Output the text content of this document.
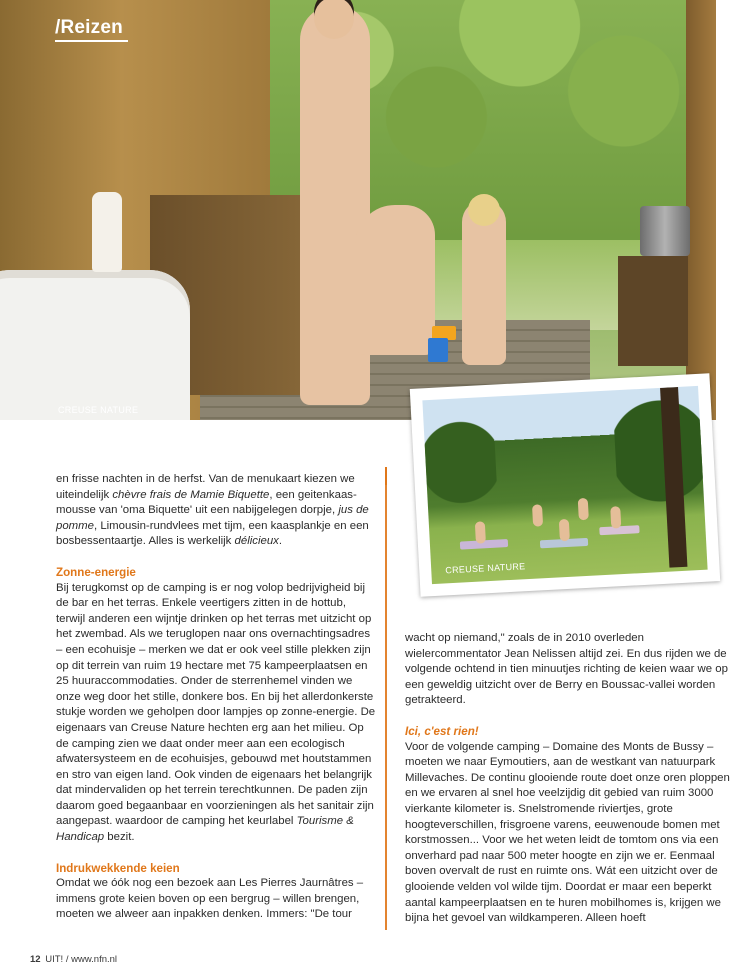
/Reizen
CREUSE NATURE
CREUSE NATURE

en frisse nachten in de herfst. Van de menukaart kiezen we uiteindelijk chèvre frais de Mamie Biquette, een geitenkaas-mousse van 'oma Biquette' uit een nabijgelegen dorpje, jus de pomme, Limousin-rundvlees met tijm, een kaasplankje en een bosbessentaartje. Alles is werkelijk délicieux.

Zonne-energie

Bij terugkomst op de camping is er nog volop bedrijvigheid bij de bar en het terras. Enkele veertigers zitten in de hottub, terwijl anderen een wijntje drinken op het terras met uitzicht op het zwembad. Als we teruglopen naar ons overnachtingsadres – een ecohuisje – merken we dat er ook veel stille plekken zijn op dit terrein van ruim 19 hectare met 75 kampeerplaatsen en 25 huuraccommodaties. Onder de sterrenhemel vinden we onze weg door het stille, donkere bos. En bij het allerdonkerste stukje worden we geholpen door lampjes op zonne-energie. De eigenaars van Creuse Nature hechten erg aan het milieu. Op de camping zien we daat onder meer aan een ecologisch afwatersysteem en de ecohuisjes, gebouwd met houtstammen en stro van eigen land. Ook vinden de eigenaars het belangrijk dat mindervaliden op het terrein terechtkunnen. De paden zijn daarom goed begaanbaar en voorzieningen als het sanitair zijn aangepast. waardoor de camping het keurlabel Tourisme & Handicap bezit.

Indrukwekkende keien

Omdat we óók nog een bezoek aan Les Pierres Jaurnâtres – immens grote keien boven op een bergrug – willen brengen, moeten we alweer aan inpakken denken. Immers: "De tour

wacht op niemand," zoals de in 2010 overleden wielercommentator Jean Nelissen altijd zei. En dus rijden we de volgende ochtend in tien minuutjes richting de keien waar we op een geweldig uitzicht over de Berry en Boussac-vallei worden getrakteerd.

Ici, c'est rien!

Voor de volgende camping – Domaine des Monts de Bussy – moeten we naar Eymoutiers, aan de westkant van natuurpark Millevaches. De continu glooiende route doet onze oren ploppen en we ervaren al snel hoe veelzijdig dit gebied van ruim 3000 vierkante kilometer is. Snelstromende riviertjes, grote hoogteverschillen, frisgroene varens, eeuwenoude bomen met korstmossen... Voor we het weten leidt de tomtom ons via een onverhard pad naar 500 meter hoogte en zijn we er. Eenmaal boven overvalt de rust en ruimte ons. Wát een uitzicht over de glooiende velden vol wilde tijm. Doordat er maar een beperkt aantal kampeerplaatsen en te huren mobilhomes is, krijgen we bijna het gevoel van wildkamperen. Alleen hoeft

12 UIT! / www.nfn.nl
